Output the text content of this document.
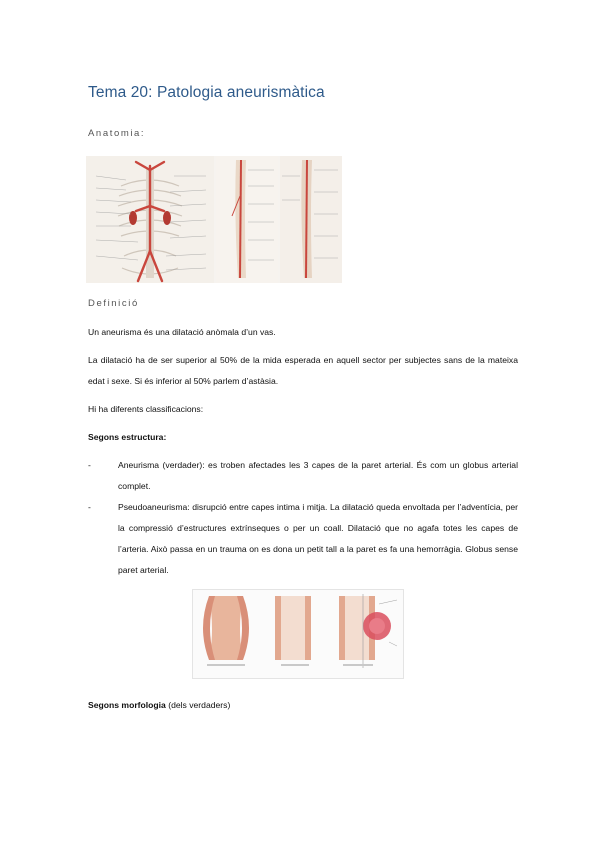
Tema 20: Patologia aneurismàtica
Anatomia:
Definició
Un aneurisma és una dilatació anòmala d’un vas.
La dilatació ha de ser superior al 50% de la mida esperada en aquell sector per subjectes sans de la mateixa edat i sexe. Si és inferior al 50% parlem d’astàsia.
Hi ha diferents classificacions:
Segons estructura:
-	Aneurisma (verdader): es troben afectades les 3 capes de la paret arterial. És com un globus arterial complet.
-	Pseudoaneurisma: disrupció entre capes intima i mitja. La dilatació queda envoltada per l’adventícia, per la compressió d’estructures extrínseques o per un coall. Dilatació que no agafa totes les capes de l’arteria. Això passa en un trauma on es dona un petit tall a la paret es fa una hemorràgia. Globus sense paret arterial.
Segons morfologia (dels verdaders)
